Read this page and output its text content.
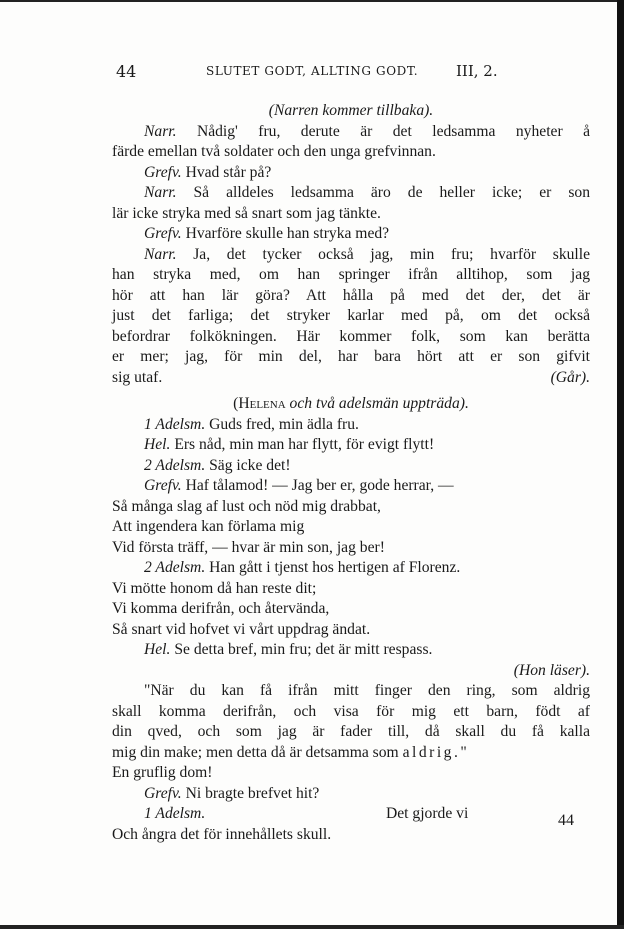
44	SLUTET GODT, ALLTING GODT.	III, 2.
(Narren kommer tillbaka).
Narr. Nådig' fru, derute är det ledsamma nyheter å
färde emellan två soldater och den unga grefvinnan.
Grefv. Hvad står på?
Narr. Så alldeles ledsamma äro de heller icke; er son
lär icke stryka med så snart som jag tänkte.
Grefv. Hvarföre skulle han stryka med?
Narr. Ja, det tycker också jag, min fru; hvarför skulle
han stryka med, om han springer ifrån alltihop, som jag
hör att han lär göra? Att hålla på med det der, det är
just det farliga; det stryker karlar med på, om det också
befordrar folkökningen. Här kommer folk, som kan berätta
er mer; jag, för min del, har bara hört att er son gifvit
sig utaf.	(Går).
(Helena och två adelsmän uppträda).
1 Adelsm. Guds fred, min ädla fru.
Hel. Ers nåd, min man har flytt, för evigt flytt!
2 Adelsm. Säg icke det!
Grefv. Haf tålamod! — Jag ber er, gode herrar, —
Så många slag af lust och nöd mig drabbat,
Att ingendera kan förlama mig
Vid första träff, — hvar är min son, jag ber!
2 Adelsm. Han gått i tjenst hos hertigen af Florenz.
Vi mötte honom då han reste dit;
Vi komma derifrån, och återvända,
Så snart vid hofvet vi vårt uppdrag ändat.
Hel. Se detta bref, min fru; det är mitt respass.
(Hon läser).
"När du kan få ifrån mitt finger den ring, som aldrig
skall komma derifrån, och visa för mig ett barn, födt af
din qved, och som jag är fader till, då skall du få kalla
mig din make; men detta då är detsamma som aldrig."
En gruflig dom!
Grefv. Ni bragte brefvet hit?
1 Adelsm.	Det gjorde vi
Och ångra det för innehållets skull.
44
